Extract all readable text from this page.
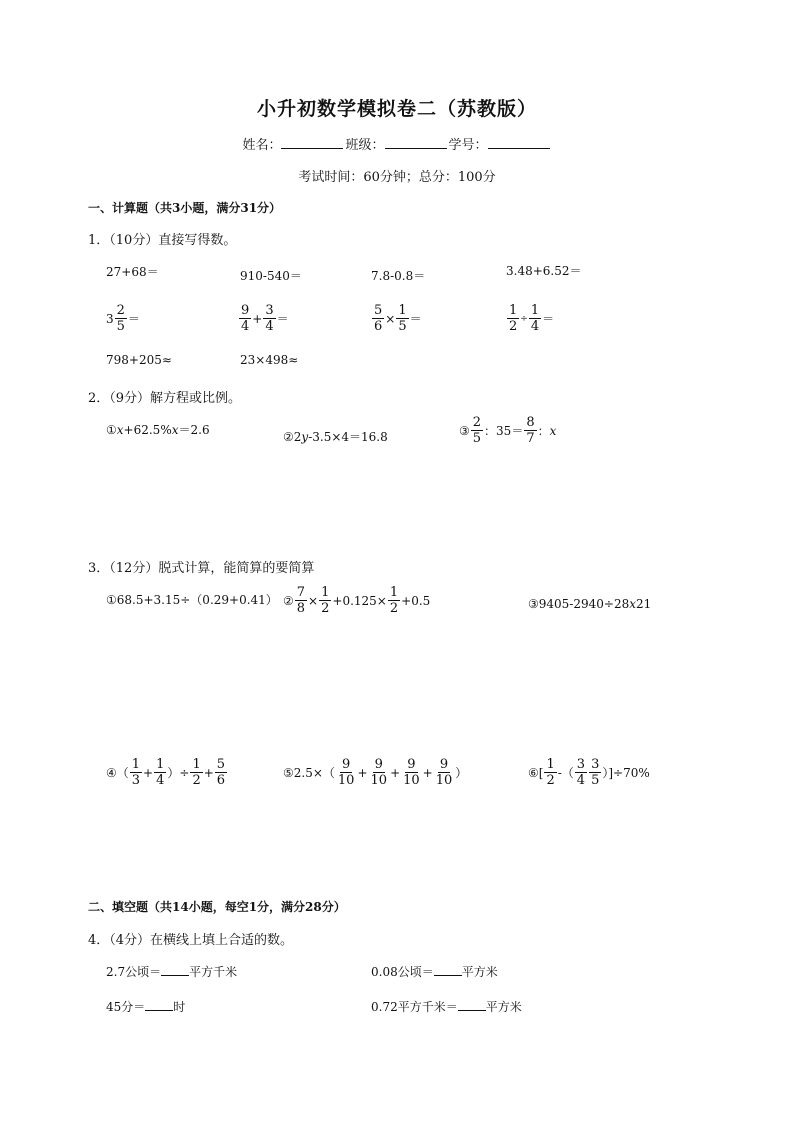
小升初数学模拟卷二（苏教版）
姓名：	班级：	学号：
考试时间：60分钟；总分：100分
一、计算题（共3小题，满分31分）
1．（10分）直接写得数。
27+68＝	910-540＝	7.8-0.8＝	3.48+6.52＝
$3 \frac{2}{5}$ ＝	$\frac{9}{4} + \frac{3}{4}$ ＝	$\frac{5}{6} \times \frac{1}{5}$ ＝	$\frac{1}{2} \div \frac{1}{4}$ ＝
798+205≈	23×498≈
2．（9分）解方程或比例。
①x+62.5%x＝2.6	②2y-3.5×4＝16.8	③ $\frac{2}{5}$ ：$35= \frac{8}{7}$ ： x
3．（12分）脱式计算，能简算的要简算
①68.5+3.15÷（0.29+0.41） ② $\frac{7}{8} \times \frac{1}{2} +0.125\times \frac{1}{2} +0.5$	③9405-2940÷28x21
④（ $\frac{1}{3} + \frac{1}{4}$ ）÷ $\frac{1}{2} + \frac{5}{6}$	⑤2.5×（ $\frac{9}{10} + \frac{9}{10} + \frac{9}{10} + \frac{9}{10}$ ）	⑥[ $\frac{1}{2}$ -（ $\frac{3}{4} \frac{3}{5} )]\div 70\%$
二、填空题（共14小题，每空1分，满分28分）
4．（4分）在横线上填上合适的数。
2.7公顷＝ 平方千米	0.08公顷＝ 平方米
45分＝ 时	0.72平方千米＝ 平方米
